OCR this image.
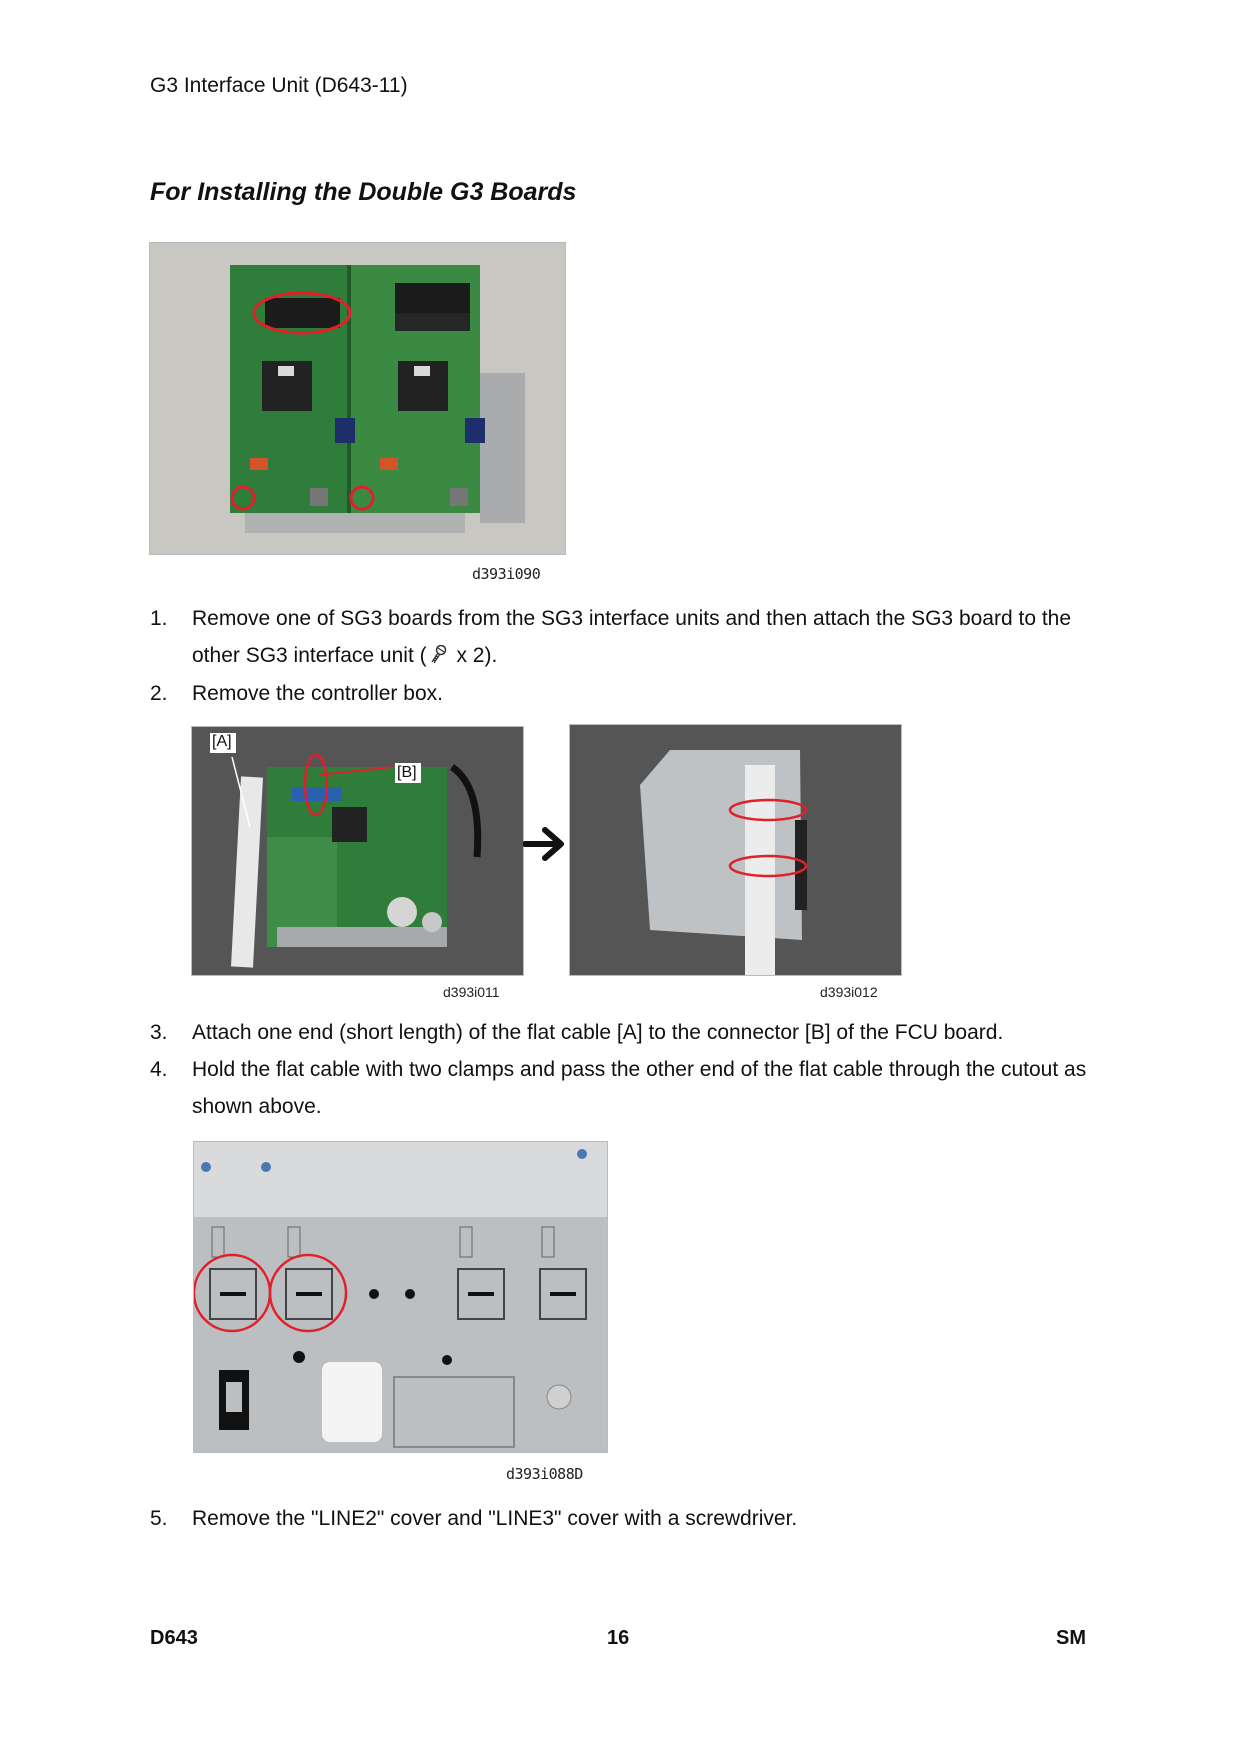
G3 Interface Unit (D643-11)
For Installing the Double G3 Boards
d393i090
1.	Remove one of SG3 boards from the SG3 interface units and then attach the SG3 board to the other SG3 interface unit ( x 2).
2.	Remove the controller box.
[A]
[B]
d393i011	d393i012
3.	Attach one end (short length) of the flat cable [A] to the connector [B] of the FCU board.
4.	Hold the flat cable with two clamps and pass the other end of the flat cable through the cutout as shown above.
d393i088D
5.	Remove the "LINE2" cover and "LINE3" cover with a screwdriver.
D643	16	SM
